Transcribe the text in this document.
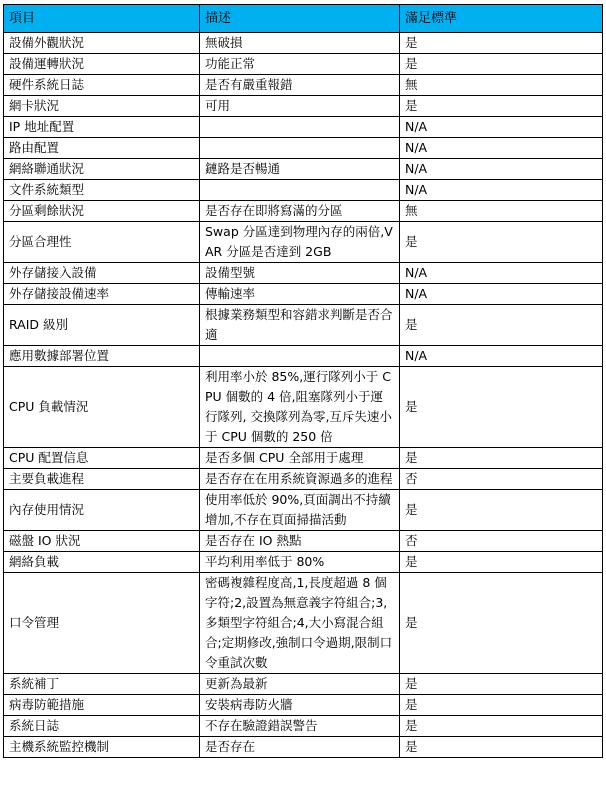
項目	描述	滿足標準
設備外觀狀況	無破損	是
設備運轉狀況	功能正常	是
硬件系統日誌	是否有嚴重報錯	無
網卡狀況	可用	是
IP 地址配置		N/A
路由配置		N/A
網絡聯通狀況	鏈路是否暢通	N/A
文件系統類型		N/A
分區剩餘狀況	是否存在即將寫滿的分區	無
分區合理性	Swap 分區達到物理內存的兩倍,VAR 分區是否達到 2GB	是
外存儲接入設備	設備型號	N/A
外存儲接設備速率	傳輸速率	N/A
RAID 級別	根據業務類型和容錯求判斷是否合適	是
應用數據部署位置		N/A
CPU 負載情況	利用率小於 85%,運行隊列小于 CPU 個數的 4 倍,阻塞隊列小于運行隊列, 交換隊列為零,互斥失速小于 CPU 個數的 250 倍	是
CPU 配置信息	是否多個 CPU 全部用于處理	是
主要負載進程	是否存在在用系統資源過多的進程	否
內存使用情況	使用率低於 90%,頁面調出不持續增加,不存在頁面掃描活動	是
磁盤 IO 狀況	是否存在 IO 熱點	否
網絡負載	平均利用率低于 80%	是
口令管理	密碼複雜程度高,1,長度超過 8 個字符;2,設置為無意義字符組合;3,多類型字符組合;4,大小寫混合組合;定期修改,強制口令過期,限制口令重試次數	是
系統補丁	更新為最新	是
病毒防範措施	安裝病毒防火牆	是
系統日誌	不存在驗證錯誤警告	是
主機系統監控機制	是否存在	是
